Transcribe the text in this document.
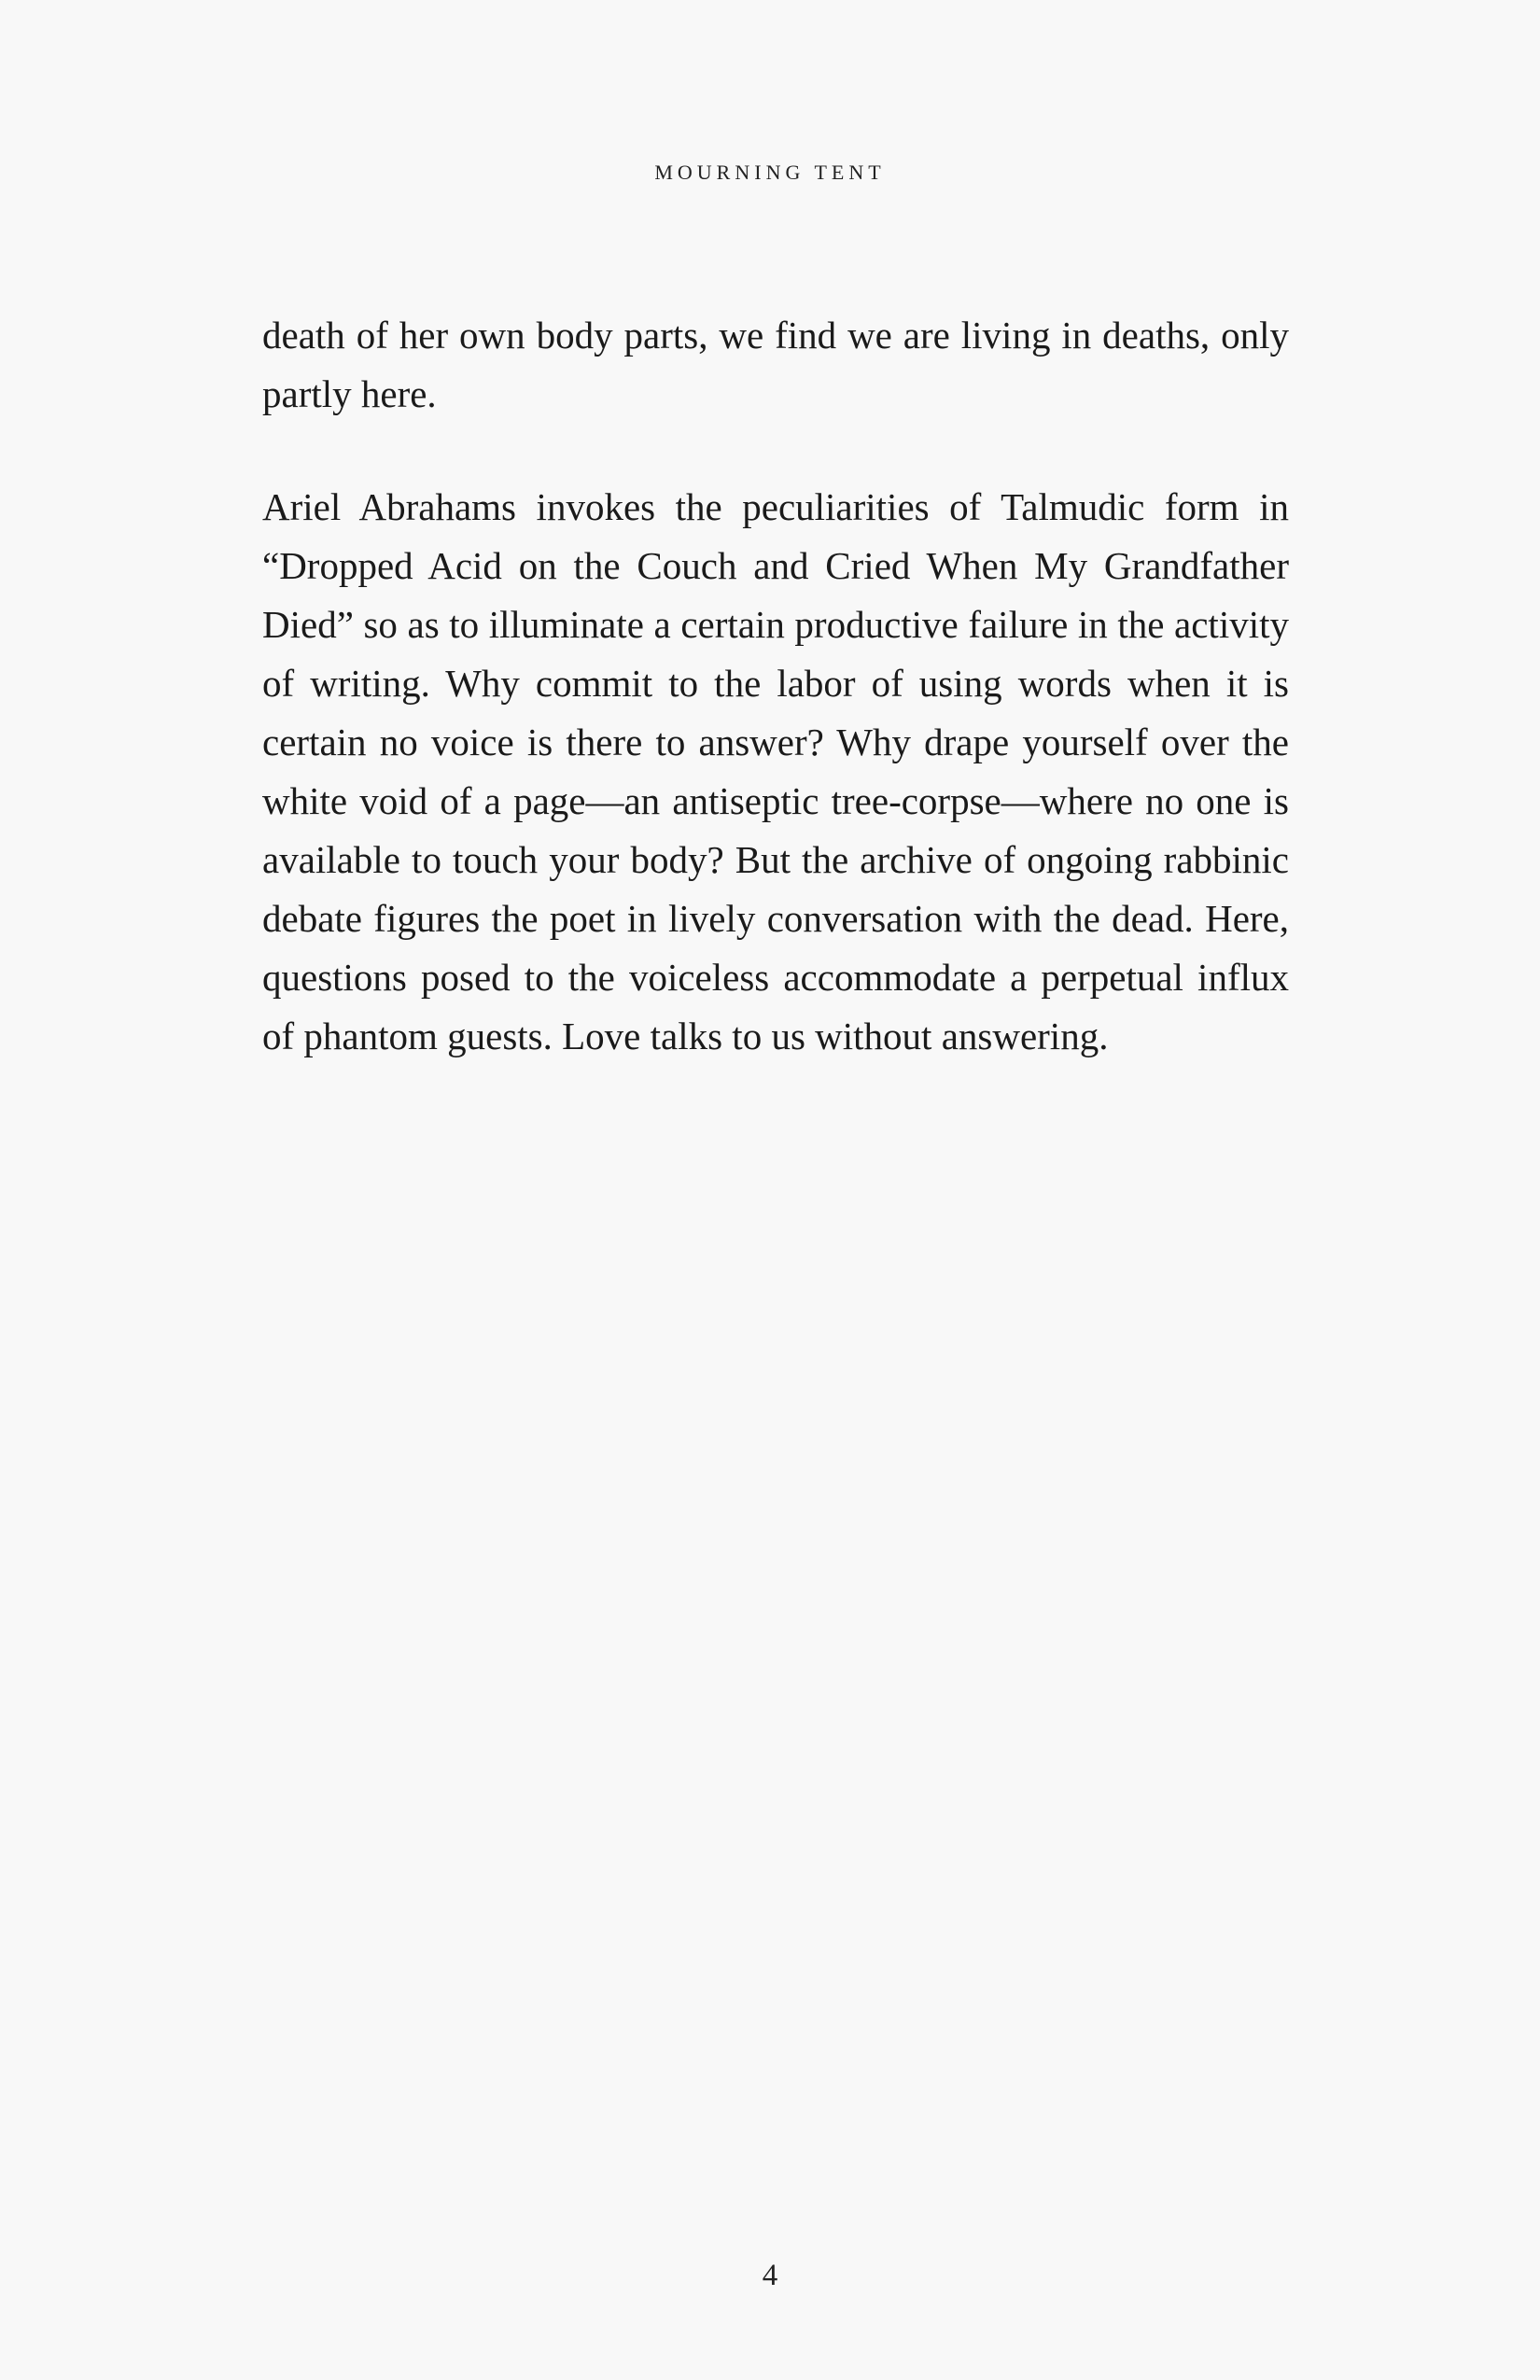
MOURNING TENT

death of her own body parts, we find we are living in deaths, only partly here.

Ariel Abrahams invokes the peculiarities of Talmudic form in “Dropped Acid on the Couch and Cried When My Grandfather Died” so as to illuminate a certain productive failure in the activity of writing. Why commit to the labor of using words when it is certain no voice is there to answer? Why drape yourself over the white void of a page—an antiseptic tree-corpse—where no one is available to touch your body? But the archive of ongoing rabbinic debate figures the poet in lively conversation with the dead. Here, questions posed to the voiceless accommodate a perpetual influx of phantom guests. Love talks to us without answering.

4
